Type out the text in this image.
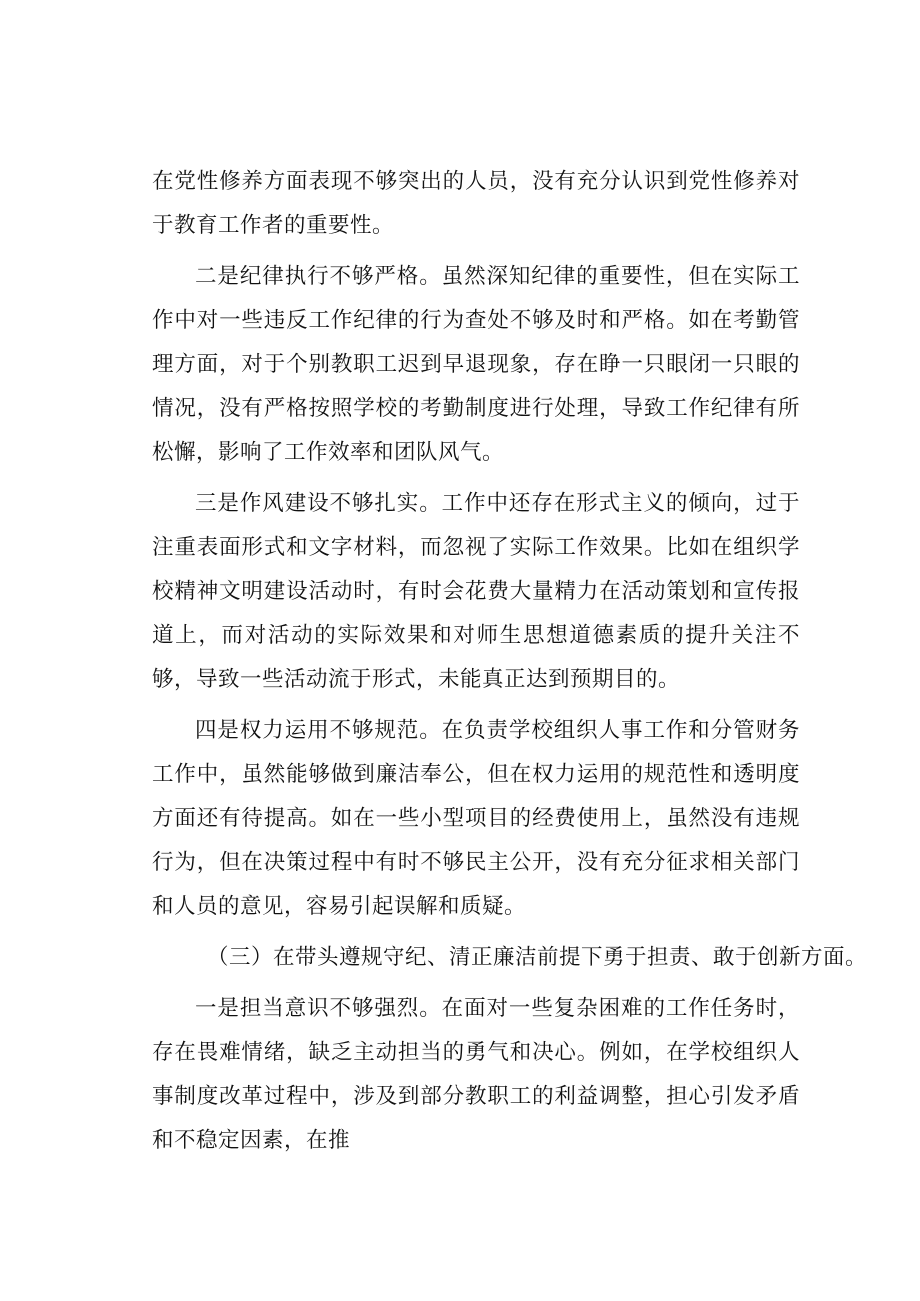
在党性修养方面表现不够突出的人员，没有充分认识到党性修养对于教育工作者的重要性。

二是纪律执行不够严格。虽然深知纪律的重要性，但在实际工作中对一些违反工作纪律的行为查处不够及时和严格。如在考勤管理方面，对于个别教职工迟到早退现象，存在睁一只眼闭一只眼的情况，没有严格按照学校的考勤制度进行处理，导致工作纪律有所松懈，影响了工作效率和团队风气。

三是作风建设不够扎实。工作中还存在形式主义的倾向，过于注重表面形式和文字材料，而忽视了实际工作效果。比如在组织学校精神文明建设活动时，有时会花费大量精力在活动策划和宣传报道上，而对活动的实际效果和对师生思想道德素质的提升关注不够，导致一些活动流于形式，未能真正达到预期目的。

四是权力运用不够规范。在负责学校组织人事工作和分管财务工作中，虽然能够做到廉洁奉公，但在权力运用的规范性和透明度方面还有待提高。如在一些小型项目的经费使用上，虽然没有违规行为，但在决策过程中有时不够民主公开，没有充分征求相关部门和人员的意见，容易引起误解和质疑。

（三）在带头遵规守纪、清正廉洁前提下勇于担责、敢于创新方面。

一是担当意识不够强烈。在面对一些复杂困难的工作任务时，存在畏难情绪，缺乏主动担当的勇气和决心。例如，在学校组织人事制度改革过程中，涉及到部分教职工的利益调整，担心引发矛盾和不稳定因素，在推
